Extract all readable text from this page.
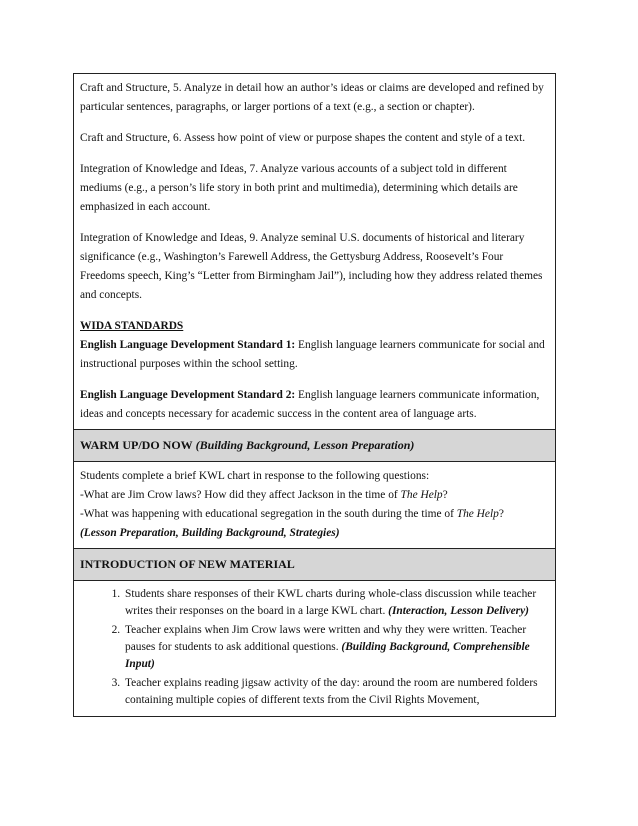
Craft and Structure, 5. Analyze in detail how an author’s ideas or claims are developed and refined by particular sentences, paragraphs, or larger portions of a text (e.g., a section or chapter).

Craft and Structure, 6. Assess how point of view or purpose shapes the content and style of a text.

Integration of Knowledge and Ideas, 7. Analyze various accounts of a subject told in different mediums (e.g., a person’s life story in both print and multimedia), determining which details are emphasized in each account.

Integration of Knowledge and Ideas, 9. Analyze seminal U.S. documents of historical and literary significance (e.g., Washington’s Farewell Address, the Gettysburg Address, Roosevelt’s Four Freedoms speech, King’s “Letter from Birmingham Jail”), including how they address related themes and concepts.

WIDA STANDARDS

English Language Development Standard 1: English language learners communicate for social and instructional purposes within the school setting.

English Language Development Standard 2: English language learners communicate information, ideas and concepts necessary for academic success in the content area of language arts.

WARM UP/DO NOW (Building Background, Lesson Preparation)
Students complete a brief KWL chart in response to the following questions:
-What are Jim Crow laws? How did they affect Jackson in the time of The Help?
-What was happening with educational segregation in the south during the time of The Help?
(Lesson Preparation, Building Background, Strategies)
INTRODUCTION OF NEW MATERIAL
1. Students share responses of their KWL charts during whole-class discussion while teacher writes their responses on the board in a large KWL chart. (Interaction, Lesson Delivery)
2. Teacher explains when Jim Crow laws were written and why they were written. Teacher pauses for students to ask additional questions. (Building Background, Comprehensible Input)
3. Teacher explains reading jigsaw activity of the day: around the room are numbered folders containing multiple copies of different texts from the Civil Rights Movement,
